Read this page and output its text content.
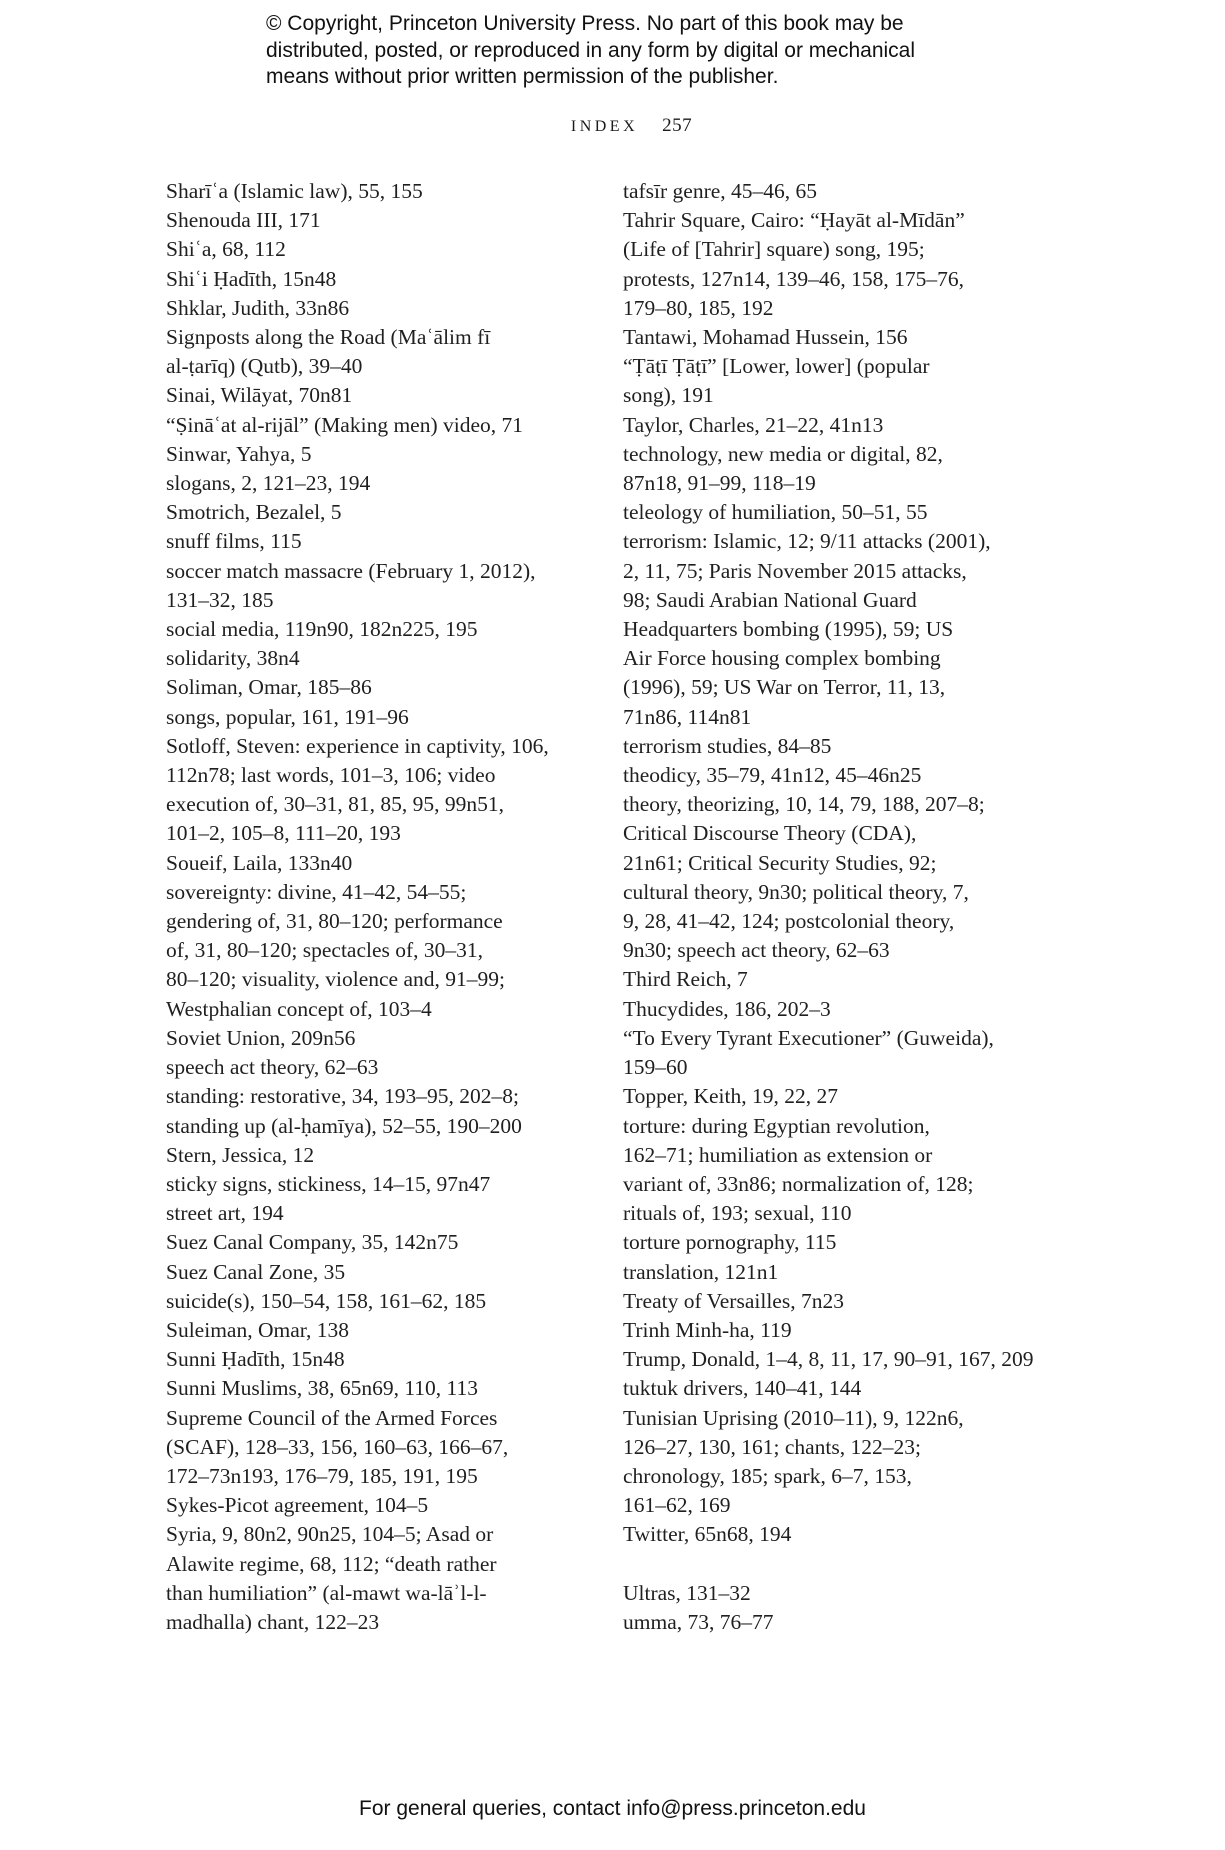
© Copyright, Princeton University Press. No part of this book may be
distributed, posted, or reproduced in any form by digital or mechanical
means without prior written permission of the publisher.
INDEX 257
Sharīʿa (Islamic law), 55, 155
Shenouda III, 171
Shiʿa, 68, 112
Shiʿi Ḥadīth, 15n48
Shklar, Judith, 33n86
Signposts along the Road (Maʿālim fī
al-ṭarīq) (Qutb), 39–40
Sinai, Wilāyat, 70n81
“Ṣināʿat al-rijāl” (Making men) video, 71
Sinwar, Yahya, 5
slogans, 2, 121–23, 194
Smotrich, Bezalel, 5
snuff films, 115
soccer match massacre (February 1, 2012),
131–32, 185
social media, 119n90, 182n225, 195
solidarity, 38n4
Soliman, Omar, 185–86
songs, popular, 161, 191–96
Sotloff, Steven: experience in captivity, 106,
112n78; last words, 101–3, 106; video
execution of, 30–31, 81, 85, 95, 99n51,
101–2, 105–8, 111–20, 193
Soueif, Laila, 133n40
sovereignty: divine, 41–42, 54–55;
gendering of, 31, 80–120; performance
of, 31, 80–120; spectacles of, 30–31,
80–120; visuality, violence and, 91–99;
Westphalian concept of, 103–4
Soviet Union, 209n56
speech act theory, 62–63
standing: restorative, 34, 193–95, 202–8;
standing up (al-ḥamīya), 52–55, 190–200
Stern, Jessica, 12
sticky signs, stickiness, 14–15, 97n47
street art, 194
Suez Canal Company, 35, 142n75
Suez Canal Zone, 35
suicide(s), 150–54, 158, 161–62, 185
Suleiman, Omar, 138
Sunni Ḥadīth, 15n48
Sunni Muslims, 38, 65n69, 110, 113
Supreme Council of the Armed Forces
(SCAF), 128–33, 156, 160–63, 166–67,
172–73n193, 176–79, 185, 191, 195
Sykes-Picot agreement, 104–5
Syria, 9, 80n2, 90n25, 104–5; Asad or
Alawite regime, 68, 112; “death rather
than humiliation” (al-mawt wa-lāʾl-l-
madhalla) chant, 122–23
tafsīr genre, 45–46, 65
Tahrir Square, Cairo: “Ḥayāt al-Mīdān”
(Life of [Tahrir] square) song, 195;
protests, 127n14, 139–46, 158, 175–76,
179–80, 185, 192
Tantawi, Mohamad Hussein, 156
“Ṭāṭī Ṭāṭī” [Lower, lower] (popular
song), 191
Taylor, Charles, 21–22, 41n13
technology, new media or digital, 82,
87n18, 91–99, 118–19
teleology of humiliation, 50–51, 55
terrorism: Islamic, 12; 9/11 attacks (2001),
2, 11, 75; Paris November 2015 attacks,
98; Saudi Arabian National Guard
Headquarters bombing (1995), 59; US
Air Force housing complex bombing
(1996), 59; US War on Terror, 11, 13,
71n86, 114n81
terrorism studies, 84–85
theodicy, 35–79, 41n12, 45–46n25
theory, theorizing, 10, 14, 79, 188, 207–8;
Critical Discourse Theory (CDA),
21n61; Critical Security Studies, 92;
cultural theory, 9n30; political theory, 7,
9, 28, 41–42, 124; postcolonial theory,
9n30; speech act theory, 62–63
Third Reich, 7
Thucydides, 186, 202–3
“To Every Tyrant Executioner” (Guweida),
159–60
Topper, Keith, 19, 22, 27
torture: during Egyptian revolution,
162–71; humiliation as extension or
variant of, 33n86; normalization of, 128;
rituals of, 193; sexual, 110
torture pornography, 115
translation, 121n1
Treaty of Versailles, 7n23
Trinh Minh-ha, 119
Trump, Donald, 1–4, 8, 11, 17, 90–91, 167, 209
tuktuk drivers, 140–41, 144
Tunisian Uprising (2010–11), 9, 122n6,
126–27, 130, 161; chants, 122–23;
chronology, 185; spark, 6–7, 153,
161–62, 169
Twitter, 65n68, 194
Ultras, 131–32
umma, 73, 76–77
For general queries, contact info@press.princeton.edu
